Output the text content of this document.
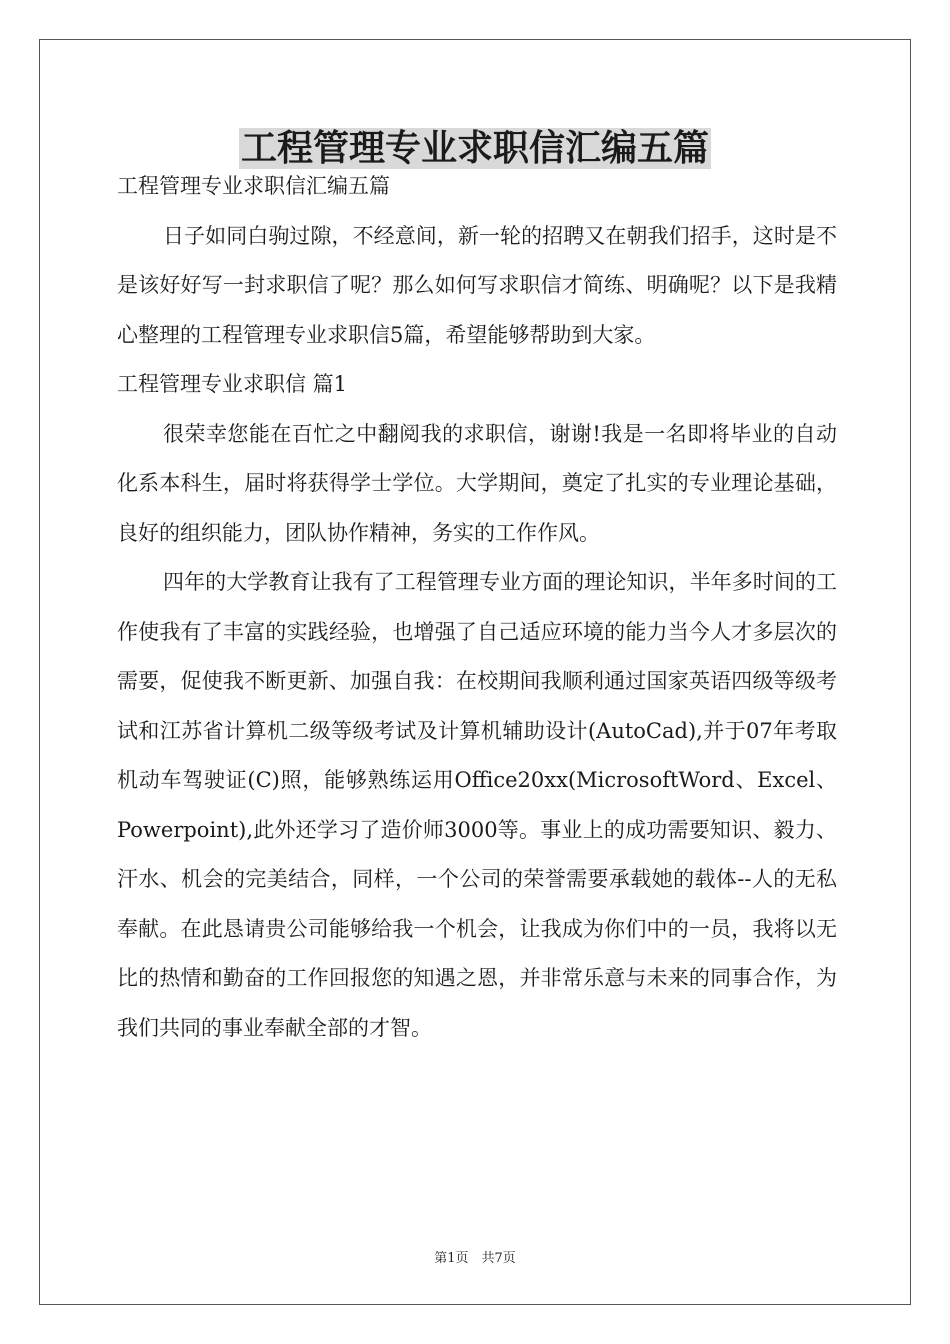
工程管理专业求职信汇编五篇
工程管理专业求职信汇编五篇
日子如同白驹过隙，不经意间，新一轮的招聘又在朝我们招手，这时是不是该好好写一封求职信了呢？那么如何写求职信才简练、明确呢？以下是我精心整理的工程管理专业求职信5篇，希望能够帮助到大家。
工程管理专业求职信 篇1
很荣幸您能在百忙之中翻阅我的求职信，谢谢!我是一名即将毕业的自动化系本科生，届时将获得学士学位。大学期间，奠定了扎实的专业理论基础，良好的组织能力，团队协作精神，务实的工作作风。
四年的大学教育让我有了工程管理专业方面的理论知识，半年多时间的工作使我有了丰富的实践经验，也增强了自己适应环境的能力当今人才多层次的需要，促使我不断更新、加强自我：在校期间我顺利通过国家英语四级等级考试和江苏省计算机二级等级考试及计算机辅助设计(AutoCad),并于07年考取机动车驾驶证(C)照，能够熟练运用Office20xx(MicrosoftWord、Excel、Powerpoint),此外还学习了造价师3000等。事业上的成功需要知识、毅力、汗水、机会的完美结合，同样，一个公司的荣誉需要承载她的载体--人的无私奉献。在此恳请贵公司能够给我一个机会，让我成为你们中的一员，我将以无比的热情和勤奋的工作回报您的知遇之恩，并非常乐意与未来的同事合作，为我们共同的事业奉献全部的才智。
第1页　共7页
